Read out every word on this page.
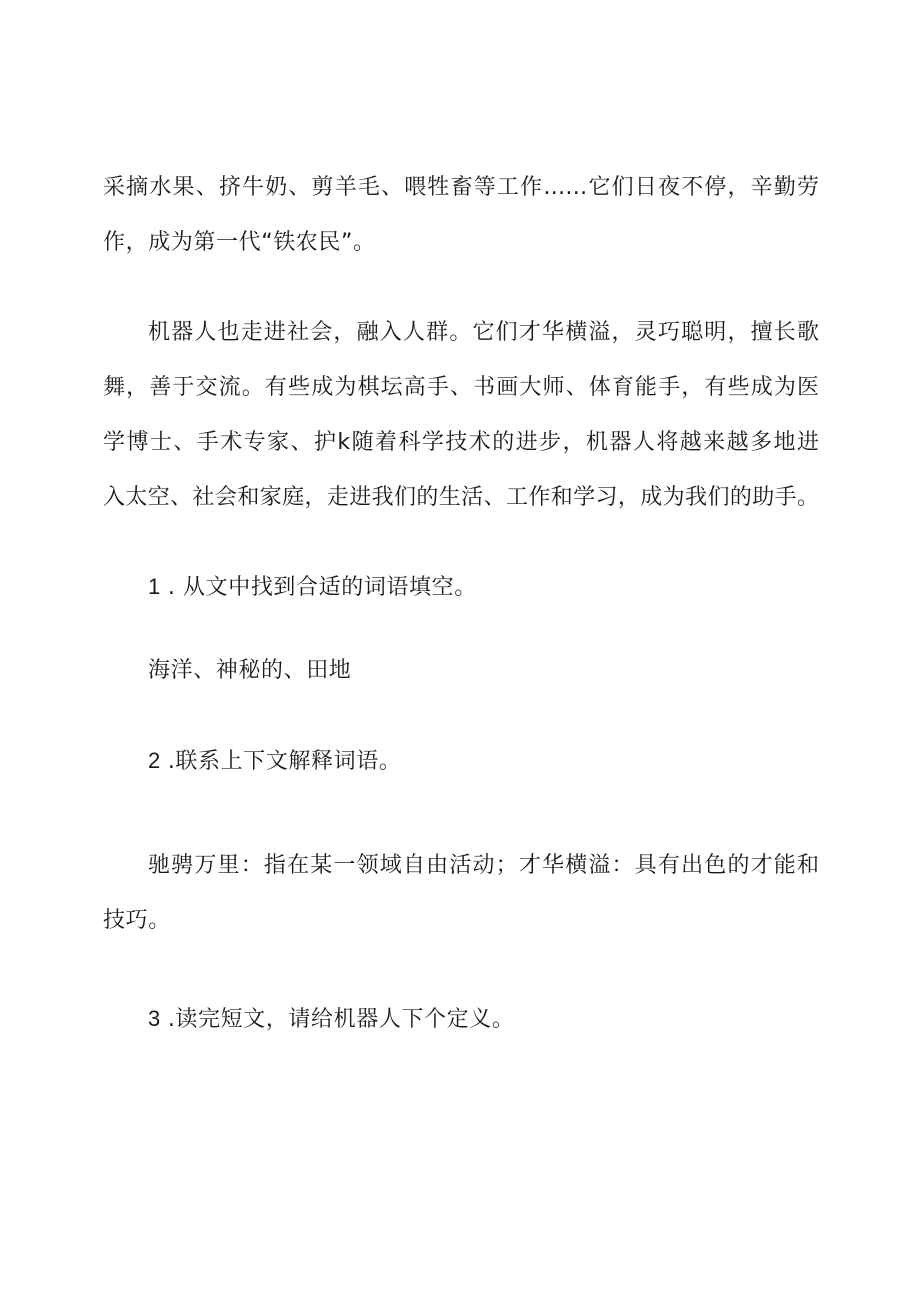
采摘水果、挤牛奶、剪羊毛、喂牲畜等工作……它们日夜不停，辛勤劳
作，成为第一代“铁农民”。
机器人也走进社会，融入人群。它们才华横溢，灵巧聪明，擅长歌
舞，善于交流。有些成为棋坛高手、书画大师、体育能手，有些成为医
学博士、手术专家、护k随着科学技术的进步，机器人将越来越多地进
入太空、社会和家庭，走进我们的生活、工作和学习，成为我们的助手。
1 . 从文中找到合适的词语填空。
海洋、神秘的、田地
2 .联系上下文解释词语。
驰骋万里：指在某一领域自由活动；才华横溢：具有出色的才能和
技巧。
3 .读完短文，请给机器人下个定义。
